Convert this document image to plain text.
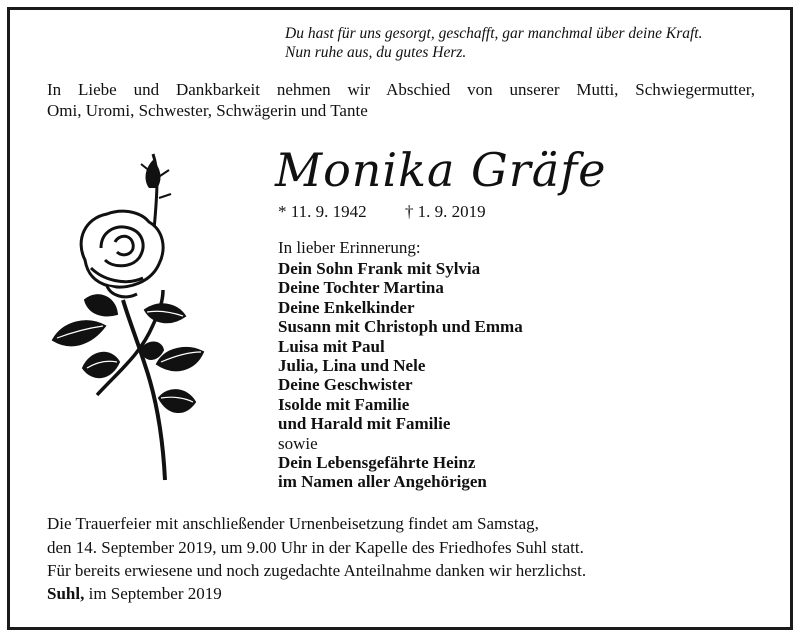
Du hast für uns gesorgt, geschafft, gar manchmal über deine Kraft.
Nun ruhe aus, du gutes Herz.
In Liebe und Dankbarkeit nehmen wir Abschied von unserer Mutti, Schwiegermutter,
Omi, Uromi, Schwester, Schwägerin und Tante
Monika Gräfe
* 11. 9. 1942 † 1. 9. 2019
In lieber Erinnerung:
Dein Sohn Frank mit Sylvia
Deine Tochter Martina
Deine Enkelkinder
Susann mit Christoph und Emma
Luisa mit Paul
Julia, Lina und Nele
Deine Geschwister
Isolde mit Familie
und Harald mit Familie
sowie
Dein Lebensgefährte Heinz
im Namen aller Angehörigen
Die Trauerfeier mit anschließender Urnenbeisetzung findet am Samstag,
den 14. September 2019, um 9.00 Uhr in der Kapelle des Friedhofes Suhl statt.
Für bereits erwiesene und noch zugedachte Anteilnahme danken wir herzlichst.
Suhl, im September 2019
